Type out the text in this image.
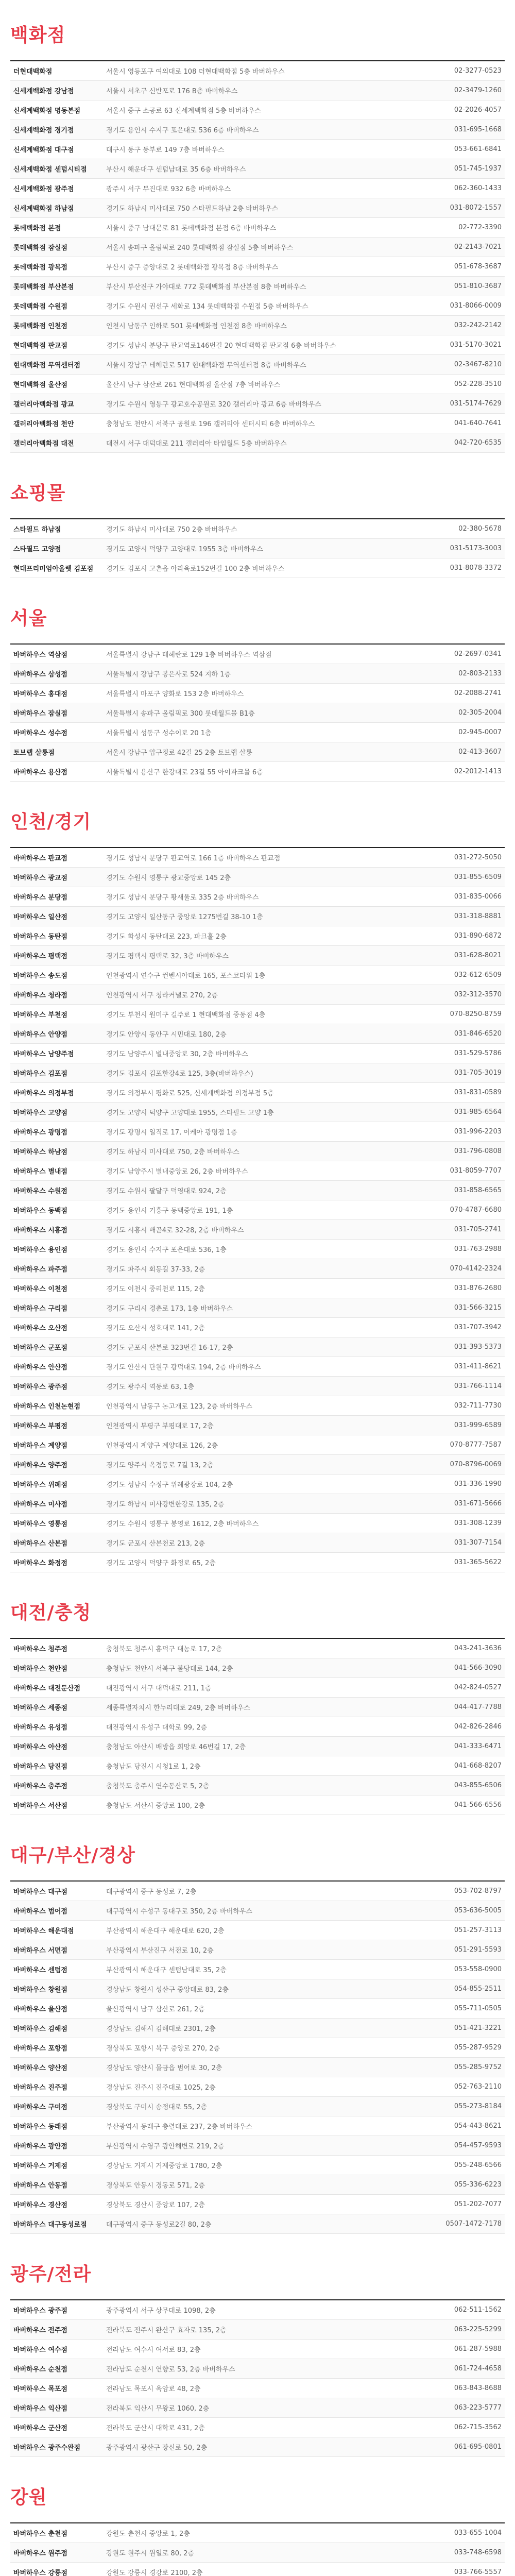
백화점
더현대백화점	서울시 영등포구 여의대로 108 더현대백화점 5층 바버하우스	02-3277-0523
신세계백화점 강남점	서울시 서초구 신반포로 176 B층 바버하우스	02-3479-1260
신세계백화점 명동본점	서울시 중구 소공로 63 신세계백화점 5층 바버하우스	02-2026-4057
신세계백화점 경기점	경기도 용인시 수지구 포은대로 536 6층 바버하우스	031-695-1668
신세계백화점 대구점	대구시 동구 동부로 149 7층 바버하우스	053-661-6841
신세계백화점 센텀시티점	부산시 해운대구 센텀남대로 35 6층 바버하우스	051-745-1937
신세계백화점 광주점	광주시 서구 무진대로 932 6층 바버하우스	062-360-1433
신세계백화점 하남점	경기도 하남시 미사대로 750 스타필드하남 2층 바버하우스	031-8072-1557
롯데백화점 본점	서울시 중구 남대문로 81 롯데백화점 본점 6층 바버하우스	02-772-3390
롯데백화점 잠실점	서울시 송파구 올림픽로 240 롯데백화점 잠실점 5층 바버하우스	02-2143-7021
롯데백화점 광복점	부산시 중구 중앙대로 2 롯데백화점 광복점 8층 바버하우스	051-678-3687
롯데백화점 부산본점	부산시 부산진구 가야대로 772 롯데백화점 부산본점 8층 바버하우스	051-810-3687
롯데백화점 수원점	경기도 수원시 권선구 세화로 134 롯데백화점 수원점 5층 바버하우스	031-8066-0009
롯데백화점 인천점	인천시 남동구 인하로 501 롯데백화점 인천점 8층 바버하우스	032-242-2142
현대백화점 판교점	경기도 성남시 분당구 판교역로146번길 20 현대백화점 판교점 6층 바버하우스	031-5170-3021
현대백화점 무역센터점	서울시 강남구 테헤란로 517 현대백화점 무역센터점 8층 바버하우스	02-3467-8210
현대백화점 울산점	울산시 남구 삼산로 261 현대백화점 울산점 7층 바버하우스	052-228-3510
갤러리아백화점 광교	경기도 수원시 영통구 광교호수공원로 320 갤러리아 광교 6층 바버하우스	031-5174-7629
갤러리아백화점 천안	충청남도 천안시 서북구 공원로 196 갤러리아 센터시티 6층 바버하우스	041-640-7641
갤러리아백화점 대전	대전시 서구 대덕대로 211 갤러리아 타임월드 5층 바버하우스	042-720-6535
쇼핑몰
스타필드 하남점	경기도 하남시 미사대로 750 2층 바버하우스	02-380-5678
스타필드 고양점	경기도 고양시 덕양구 고양대로 1955 3층 바버하우스	031-5173-3003
현대프리미엄아울렛 김포점	경기도 김포시 고촌읍 아라육로152번길 100 2층 바버하우스	031-8078-3372
서울
바버하우스 역삼점	서울특별시 강남구 테헤란로 129 1층 바버하우스 역삼점	02-2697-0341
바버하우스 삼성점	서울특별시 강남구 봉은사로 524 지하 1층	02-803-2133
바버하우스 홍대점	서울특별시 마포구 양화로 153 2층 바버하우스	02-2088-2741
바버하우스 잠실점	서울특별시 송파구 올림픽로 300 롯데월드몰 B1층	02-305-2004
바버하우스 성수점	서울특별시 성동구 성수이로 20 1층	02-945-0007
토브랩 살롱점	서울시 강남구 압구정로 42길 25 2층 토브랩 살롱	02-413-3607
바버하우스 용산점	서울특별시 용산구 한강대로 23길 55 아이파크몰 6층	02-2012-1413
인천/경기
바버하우스 판교점	경기도 성남시 분당구 판교역로 166 1층 바버하우스 판교점	031-272-5050
바버하우스 광교점	경기도 수원시 영통구 광교중앙로 145 2층	031-855-6509
바버하우스 분당점	경기도 성남시 분당구 황새울로 335 2층 바버하우스	031-835-0066
바버하우스 일산점	경기도 고양시 일산동구 중앙로 1275번길 38-10 1층	031-318-8881
바버하우스 동탄점	경기도 화성시 동탄대로 223, 파크홀 2층	031-890-6872
바버하우스 평택점	경기도 평택시 평택로 32, 3층 바버하우스	031-628-8021
바버하우스 송도점	인천광역시 연수구 컨벤시아대로 165, 포스코타워 1층	032-612-6509
바버하우스 청라점	인천광역시 서구 청라커낼로 270, 2층	032-312-3570
바버하우스 부천점	경기도 부천시 원미구 길주로 1 현대백화점 중동점 4층	070-8250-8759
바버하우스 안양점	경기도 안양시 동안구 시민대로 180, 2층	031-846-6520
바버하우스 남양주점	경기도 남양주시 별내중앙로 30, 2층 바버하우스	031-529-5786
바버하우스 김포점	경기도 김포시 김포한강4로 125, 3층(바버하우스)	031-705-3019
바버하우스 의정부점	경기도 의정부시 평화로 525, 신세계백화점 의정부점 5층	031-831-0589
바버하우스 고양점	경기도 고양시 덕양구 고양대로 1955, 스타필드 고양 1층	031-985-6564
바버하우스 광명점	경기도 광명시 일직로 17, 이케아 광명점 1층	031-996-2203
바버하우스 하남점	경기도 하남시 미사대로 750, 2층 바버하우스	031-796-0808
바버하우스 별내점	경기도 남양주시 별내중앙로 26, 2층 바버하우스	031-8059-7707
바버하우스 수원점	경기도 수원시 팔달구 덕영대로 924, 2층	031-858-6565
바버하우스 동백점	경기도 용인시 기흥구 동백중앙로 191, 1층	070-4787-6680
바버하우스 시흥점	경기도 시흥시 배곧4로 32-28, 2층 바버하우스	031-705-2741
바버하우스 용인점	경기도 용인시 수지구 포은대로 536, 1층	031-763-2988
바버하우스 파주점	경기도 파주시 회동길 37-33, 2층	070-4142-2324
바버하우스 이천점	경기도 이천시 중리천로 115, 2층	031-876-2680
바버하우스 구리점	경기도 구리시 경춘로 173, 1층 바버하우스	031-566-3215
바버하우스 오산점	경기도 오산시 성호대로 141, 2층	031-707-3942
바버하우스 군포점	경기도 군포시 산본로 323번길 16-17, 2층	031-393-5373
바버하우스 안산점	경기도 안산시 단원구 광덕대로 194, 2층 바버하우스	031-411-8621
바버하우스 광주점	경기도 광주시 역동로 63, 1층	031-766-1114
바버하우스 인천논현점	인천광역시 남동구 논고개로 123, 2층 바버하우스	032-711-7730
바버하우스 부평점	인천광역시 부평구 부평대로 17, 2층	031-999-6589
바버하우스 계양점	인천광역시 계양구 계양대로 126, 2층	070-8777-7587
바버하우스 양주점	경기도 양주시 옥정동로 7길 13, 2층	070-8796-0069
바버하우스 위례점	경기도 성남시 수정구 위례광장로 104, 2층	031-336-1990
바버하우스 미사점	경기도 하남시 미사강변한강로 135, 2층	031-671-5666
바버하우스 영통점	경기도 수원시 영통구 봉영로 1612, 2층 바버하우스	031-308-1239
바버하우스 산본점	경기도 군포시 산본천로 213, 2층	031-307-7154
바버하우스 화정점	경기도 고양시 덕양구 화정로 65, 2층	031-365-5622
대전/충청
바버하우스 청주점	충청북도 청주시 흥덕구 대농로 17, 2층	043-241-3636
바버하우스 천안점	충청남도 천안시 서북구 불당대로 144, 2층	041-566-3090
바버하우스 대전둔산점	대전광역시 서구 대덕대로 211, 1층	042-824-0527
바버하우스 세종점	세종특별자치시 한누리대로 249, 2층 바버하우스	044-417-7788
바버하우스 유성점	대전광역시 유성구 대학로 99, 2층	042-826-2846
바버하우스 아산점	충청남도 아산시 배방읍 희망로 46번길 17, 2층	041-333-6471
바버하우스 당진점	충청남도 당진시 시청1로 1, 2층	041-668-8207
바버하우스 충주점	충청북도 충주시 연수동산로 5, 2층	043-855-6506
바버하우스 서산점	충청남도 서산시 중앙로 100, 2층	041-566-6556
대구/부산/경상
바버하우스 대구점	대구광역시 중구 동성로 7, 2층	053-702-8797
바버하우스 범어점	대구광역시 수성구 동대구로 350, 2층 바버하우스	053-636-5005
바버하우스 해운대점	부산광역시 해운대구 해운대로 620, 2층	051-257-3113
바버하우스 서면점	부산광역시 부산진구 서전로 10, 2층	051-291-5593
바버하우스 센텀점	부산광역시 해운대구 센텀남대로 35, 2층	053-558-0900
바버하우스 창원점	경상남도 창원시 성산구 중앙대로 83, 2층	054-855-2511
바버하우스 울산점	울산광역시 남구 삼산로 261, 2층	055-711-0505
바버하우스 김해점	경상남도 김해시 김해대로 2301, 2층	051-421-3221
바버하우스 포항점	경상북도 포항시 북구 중앙로 270, 2층	055-287-9529
바버하우스 양산점	경상남도 양산시 물금읍 범어로 30, 2층	055-285-9752
바버하우스 진주점	경상남도 진주시 진주대로 1025, 2층	052-763-2110
바버하우스 구미점	경상북도 구미시 송정대로 55, 2층	055-273-8184
바버하우스 동래점	부산광역시 동래구 충렬대로 237, 2층 바버하우스	054-443-8621
바버하우스 광안점	부산광역시 수영구 광안해변로 219, 2층	054-457-9593
바버하우스 거제점	경상남도 거제시 거제중앙로 1780, 2층	055-248-6566
바버하우스 안동점	경상북도 안동시 경동로 571, 2층	055-336-6223
바버하우스 경산점	경상북도 경산시 중앙로 107, 2층	051-202-7077
바버하우스 대구동성로점	대구광역시 중구 동성로2길 80, 2층	0507-1472-7178
광주/전라
바버하우스 광주점	광주광역시 서구 상무대로 1098, 2층	062-511-1562
바버하우스 전주점	전라북도 전주시 완산구 효자로 135, 2층	063-225-5299
바버하우스 여수점	전라남도 여수시 여서로 83, 2층	061-287-5988
바버하우스 순천점	전라남도 순천시 연향로 53, 2층 바버하우스	061-724-4658
바버하우스 목포점	전라남도 목포시 옥암로 48, 2층	063-843-8688
바버하우스 익산점	전라북도 익산시 무왕로 1060, 2층	063-223-5777
바버하우스 군산점	전라북도 군산시 대학로 431, 2층	062-715-3562
바버하우스 광주수완점	광주광역시 광산구 장신로 50, 2층	061-695-0801
강원
바버하우스 춘천점	강원도 춘천시 중앙로 1, 2층	033-655-1004
바버하우스 원주점	강원도 원주시 원일로 80, 2층	033-748-6598
바버하우스 강릉점	강원도 강릉시 경강로 2100, 2층	033-766-5557
